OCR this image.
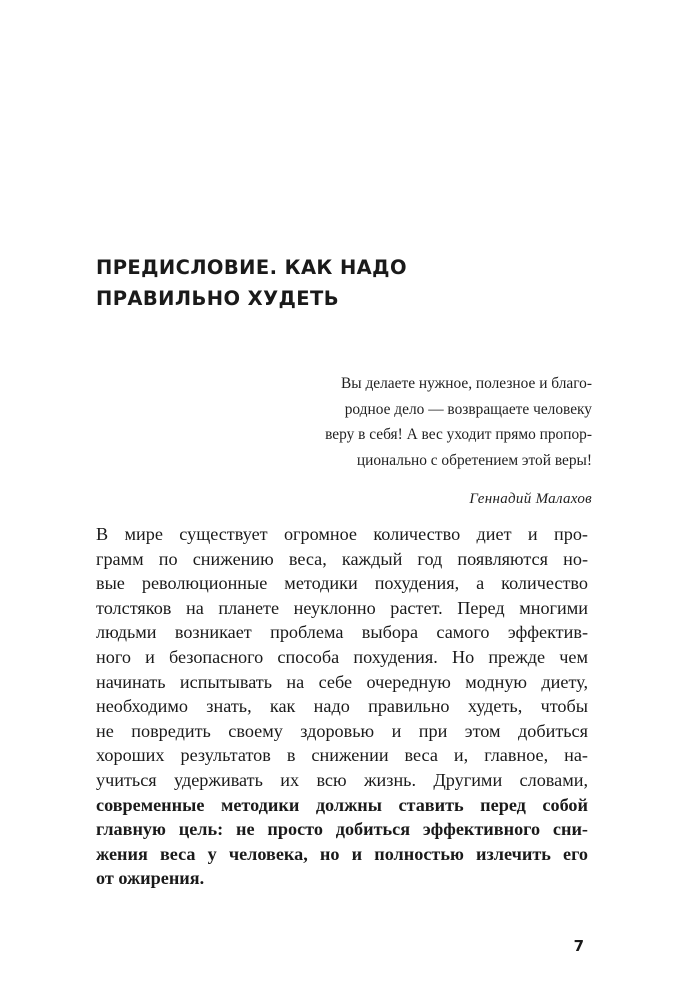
ПРЕДИСЛОВИЕ. КАК НАДО
ПРАВИЛЬНО ХУДЕТЬ
Вы делаете нужное, полезное и благо-
родное дело — возвращаете человеку
веру в себя! А вес уходит прямо пропор-
ционально с обретением этой веры!
Геннадий Малахов
В мире существует огромное количество диет и про-
грамм по снижению веса, каждый год появляются но-
вые революционные методики похудения, а количество
толстяков на планете неуклонно растет. Перед многими
людьми возникает проблема выбора самого эффектив-
ного и безопасного способа похудения. Но прежде чем
начинать испытывать на себе очередную модную диету,
необходимо знать, как надо правильно худеть, чтобы
не повредить своему здоровью и при этом добиться
хороших результатов в снижении веса и, главное, на-
учиться удерживать их всю жизнь. Другими словами,
современные методики должны ставить перед собой
главную цель: не просто добиться эффективного сни-
жения веса у человека, но и полностью излечить его
от ожирения.
7
